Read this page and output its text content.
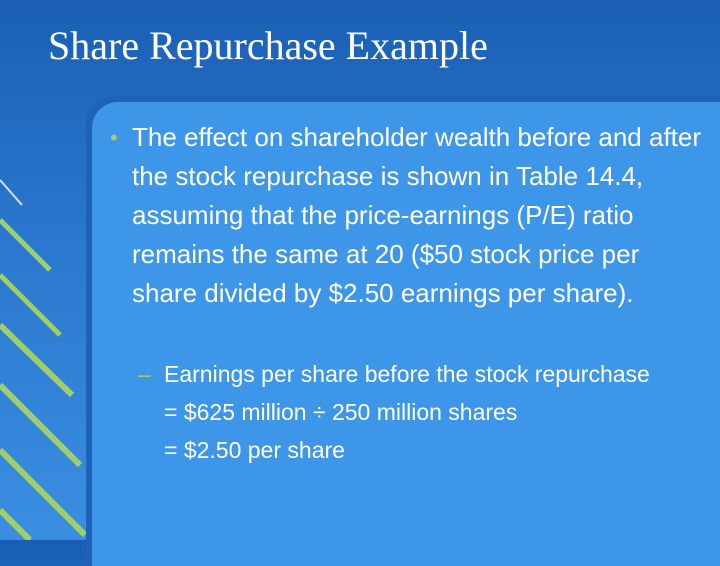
Share Repurchase Example
• The effect on shareholder wealth before and after the stock repurchase is shown in Table 14.4, assuming that the price-earnings (P/E) ratio remains the same at 20 ($50 stock price per share divided by $2.50 earnings per share).
– Earnings per share before the stock repurchase
= $625 million ÷ 250 million shares
= $2.50 per share
